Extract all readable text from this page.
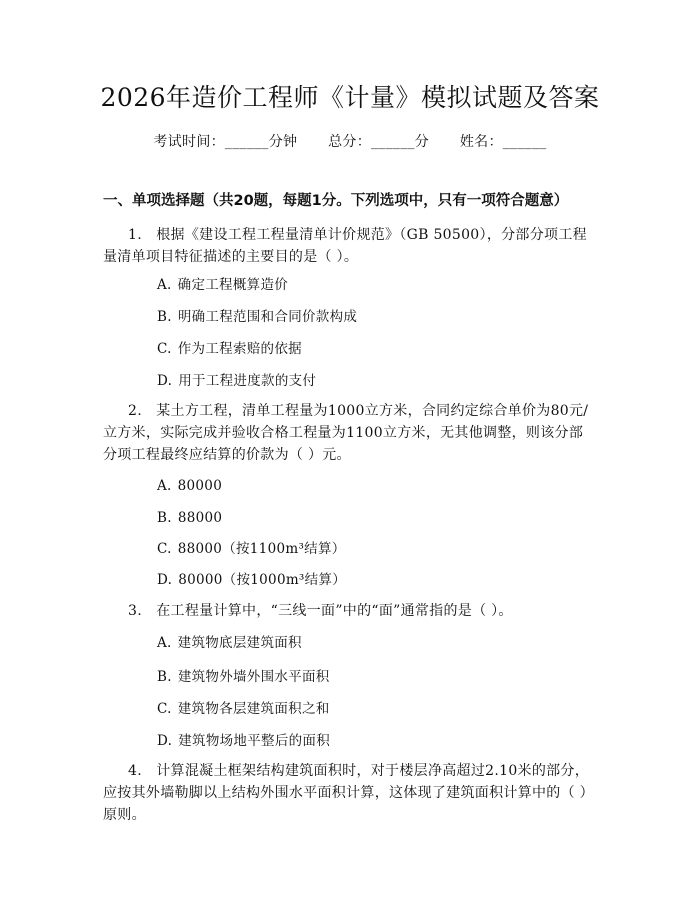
2026年造价工程师《计量》模拟试题及答案
考试时间：______分钟 总分：______分 姓名：______
一、单项选择题（共20题，每题1分。下列选项中，只有一项符合题意）
1.　根据《建设工程工程量清单计价规范》（GB 50500），分部分项工程量清单项目特征描述的主要目的是（ ）。
A. 确定工程概算造价
B. 明确工程范围和合同价款构成
C. 作为工程索赔的依据
D. 用于工程进度款的支付
2.　某土方工程，清单工程量为1000立方米，合同约定综合单价为80元/立方米，实际完成并验收合格工程量为1100立方米，无其他调整，则该分部分项工程最终应结算的价款为（ ）元。
A. 80000
B. 88000
C. 88000（按1100m³结算）
D. 80000（按1000m³结算）
3.　在工程量计算中，“三线一面”中的“面”通常指的是（ ）。
A. 建筑物底层建筑面积
B. 建筑物外墙外围水平面积
C. 建筑物各层建筑面积之和
D. 建筑物场地平整后的面积
4.　计算混凝土框架结构建筑面积时，对于楼层净高超过2.10米的部分，应按其外墙勒脚以上结构外围水平面积计算，这体现了建筑面积计算中的（ ）原则。
